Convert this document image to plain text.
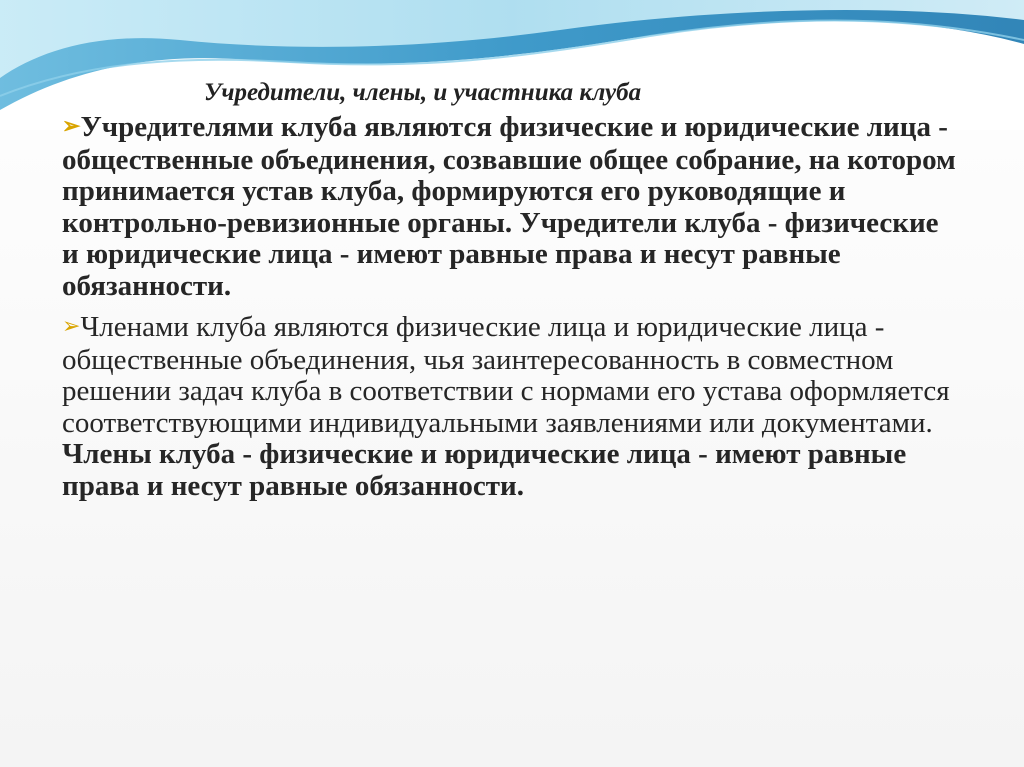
Учредители, члены, и участника клуба

➢Учредителями клуба являются физические и юридические лица - общественные объединения, созвавшие общее собрание, на котором принимается устав клуба, формируются его руководящие и контрольно-ревизионные органы. Учредители клуба - физические и юридические лица - имеют равные права и несут равные обязанности.

➢Членами клуба являются физические лица и юридические лица - общественные объединения, чья заинтересованность в совместном решении задач клуба в соответствии с нормами его устава оформляется соответствующими индивидуальными заявлениями или документами. Члены клуба - физические и юридические лица - имеют равные права и несут равные обязанности.
